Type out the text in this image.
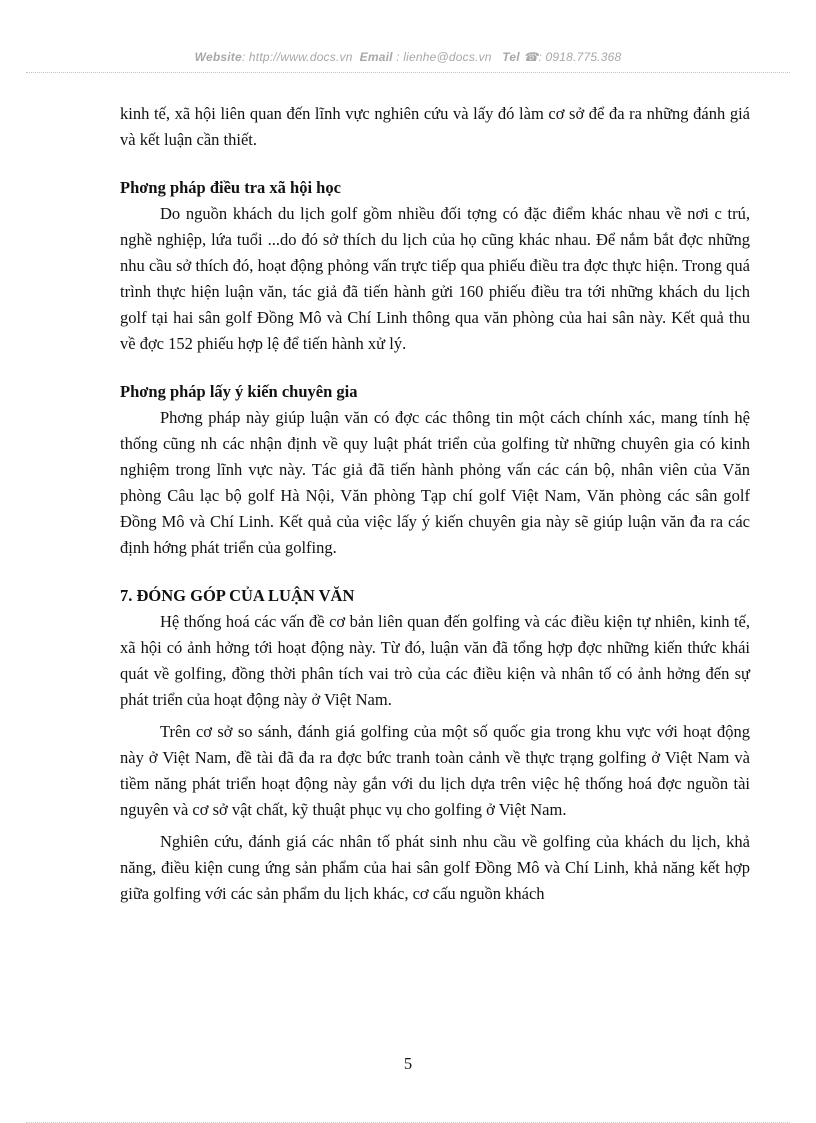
Website: http://www.docs.vn Email : lienhe@docs.vn Tel ☎: 0918.775.368

kinh tế, xã hội liên quan đến lĩnh vực nghiên cứu và lấy đó làm cơ sở để đa ra những đánh giá và kết luận cần thiết.

Phơng pháp điều tra xã hội học

Do nguồn khách du lịch golf gồm nhiều đối tợng có đặc điểm khác nhau về nơi c trú, nghề nghiệp, lứa tuổi ...do đó sở thích du lịch của họ cũng khác nhau. Để nắm bắt đợc những nhu cầu sở thích đó, hoạt động phỏng vấn trực tiếp qua phiếu điều tra đợc thực hiện. Trong quá trình thực hiện luận văn, tác giả đã tiến hành gửi 160 phiếu điều tra tới những khách du lịch golf tại hai sân golf Đồng Mô và Chí Linh thông qua văn phòng của hai sân này. Kết quả thu về đợc 152 phiếu hợp lệ để tiến hành xử lý.

Phơng pháp lấy ý kiến chuyên gia

Phơng pháp này giúp luận văn có đợc các thông tin một cách chính xác, mang tính hệ thống cũng nh các nhận định về quy luật phát triển của golfing từ những chuyên gia có kinh nghiệm trong lĩnh vực này. Tác giả đã tiến hành phỏng vấn các cán bộ, nhân viên của Văn phòng Câu lạc bộ golf Hà Nội, Văn phòng Tạp chí golf Việt Nam, Văn phòng các sân golf Đồng Mô và Chí Linh. Kết quả của việc lấy ý kiến chuyên gia này sẽ giúp luận văn đa ra các định hớng phát triển của golfing.

7. ĐÓNG GÓP CỦA LUẬN VĂN

Hệ thống hoá các vấn đề cơ bản liên quan đến golfing và các điều kiện tự nhiên, kinh tế, xã hội có ảnh hởng tới hoạt động này. Từ đó, luận văn đã tổng hợp đợc những kiến thức khái quát về golfing, đồng thời phân tích vai trò của các điều kiện và nhân tố có ảnh hởng đến sự phát triển của hoạt động này ở Việt Nam.

Trên cơ sở so sánh, đánh giá golfing của một số quốc gia trong khu vực với hoạt động này ở Việt Nam, đề tài đã đa ra đợc bức tranh toàn cảnh về thực trạng golfing ở Việt Nam và tiềm năng phát triển hoạt động này gắn với du lịch dựa trên việc hệ thống hoá đợc nguồn tài nguyên và cơ sở vật chất, kỹ thuật phục vụ cho golfing ở Việt Nam.

Nghiên cứu, đánh giá các nhân tố phát sinh nhu cầu về golfing của khách du lịch, khả năng, điều kiện cung ứng sản phẩm của hai sân golf Đồng Mô và Chí Linh, khả năng kết hợp giữa golfing với các sản phẩm du lịch khác, cơ cấu nguồn khách

5
